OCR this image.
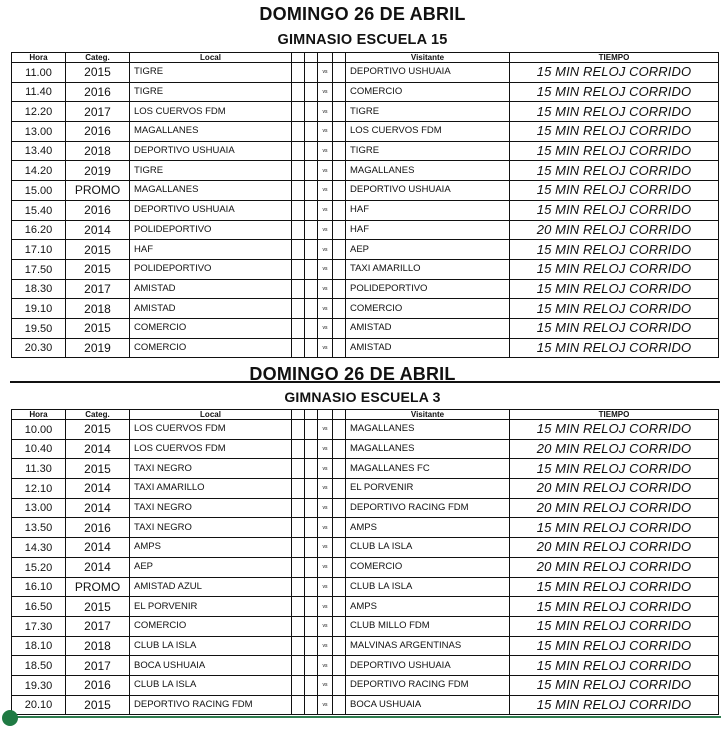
DOMINGO 26 DE ABRIL
GIMNASIO ESCUELA 15
Hora	Categ.	Local					Visitante	TIEMPO
11.00	2015	TIGRE			vs		DEPORTIVO USHUAIA	15 MIN RELOJ CORRIDO
11.40	2016	TIGRE			vs		COMERCIO	15 MIN RELOJ CORRIDO
12.20	2017	LOS CUERVOS FDM			vs		TIGRE	15 MIN RELOJ CORRIDO
13.00	2016	MAGALLANES			vs		LOS CUERVOS FDM	15 MIN RELOJ CORRIDO
13.40	2018	DEPORTIVO USHUAIA			vs		TIGRE	15 MIN RELOJ CORRIDO
14.20	2019	TIGRE			vs		MAGALLANES	15 MIN RELOJ CORRIDO
15.00	PROMO	MAGALLANES			vs		DEPORTIVO USHUAIA	15 MIN RELOJ CORRIDO
15.40	2016	DEPORTIVO USHUAIA			vs		HAF	15 MIN RELOJ CORRIDO
16.20	2014	POLIDEPORTIVO			vs		HAF	20 MIN RELOJ CORRIDO
17.10	2015	HAF			vs		AEP	15 MIN RELOJ CORRIDO
17.50	2015	POLIDEPORTIVO			vs		TAXI AMARILLO	15 MIN RELOJ CORRIDO
18.30	2017	AMISTAD			vs		POLIDEPORTIVO	15 MIN RELOJ CORRIDO
19.10	2018	AMISTAD			vs		COMERCIO	15 MIN RELOJ CORRIDO
19.50	2015	COMERCIO			vs		AMISTAD	15 MIN RELOJ CORRIDO
20.30	2019	COMERCIO			vs		AMISTAD	15 MIN RELOJ CORRIDO
DOMINGO 26 DE ABRIL
GIMNASIO ESCUELA 3
Hora	Categ.	Local					Visitante	TIEMPO
10.00	2015	LOS CUERVOS FDM			vs		MAGALLANES	15 MIN RELOJ CORRIDO
10.40	2014	LOS CUERVOS FDM			vs		MAGALLANES	20 MIN RELOJ CORRIDO
11.30	2015	TAXI NEGRO			vs		MAGALLANES FC	15 MIN RELOJ CORRIDO
12.10	2014	TAXI AMARILLO			vs		EL PORVENIR	20 MIN RELOJ CORRIDO
13.00	2014	TAXI NEGRO			vs		DEPORTIVO RACING FDM	20 MIN RELOJ CORRIDO
13.50	2016	TAXI NEGRO			vs		AMPS	15 MIN RELOJ CORRIDO
14.30	2014	AMPS			vs		CLUB LA ISLA	20 MIN RELOJ CORRIDO
15.20	2014	AEP			vs		COMERCIO	20 MIN RELOJ CORRIDO
16.10	PROMO	AMISTAD AZUL			vs		CLUB LA ISLA	15 MIN RELOJ CORRIDO
16.50	2015	EL PORVENIR			vs		AMPS	15 MIN RELOJ CORRIDO
17.30	2017	COMERCIO			vs		CLUB MILLO FDM	15 MIN RELOJ CORRIDO
18.10	2018	CLUB LA ISLA			vs		MALVINAS ARGENTINAS	15 MIN RELOJ CORRIDO
18.50	2017	BOCA USHUAIA			vs		DEPORTIVO USHUAIA	15 MIN RELOJ CORRIDO
19.30	2016	CLUB LA ISLA			vs		DEPORTIVO RACING FDM	15 MIN RELOJ CORRIDO
20.10	2015	DEPORTIVO RACING FDM			vs		BOCA USHUAIA	15 MIN RELOJ CORRIDO
